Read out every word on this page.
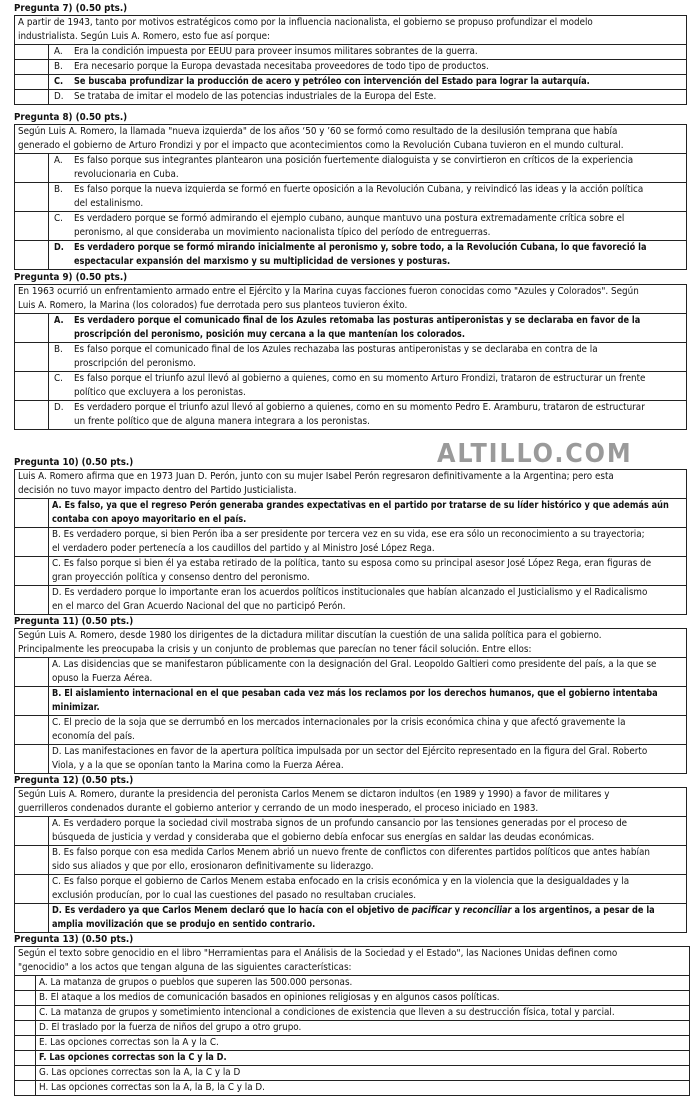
Pregunta 7) (0.50 pts.)
A partir de 1943, tanto por motivos estratégicos como por la influencia nacionalista, el gobierno se propuso profundizar el modelo
industrialista. Según Luis A. Romero, esto fue así porque:
A.	Era la condición impuesta por EEUU para proveer insumos militares sobrantes de la guerra.
B.	Era necesario porque la Europa devastada necesitaba proveedores de todo tipo de productos.
C.	Se buscaba profundizar la producción de acero y petróleo con intervención del Estado para lograr la autarquía.
D.	Se trataba de imitar el modelo de las potencias industriales de la Europa del Este.
Pregunta 8) (0.50 pts.)
Según Luis A. Romero, la llamada "nueva izquierda" de los años ‘50 y ’60 se formó como resultado de la desilusión temprana que había
generado el gobierno de Arturo Frondizi y por el impacto que acontecimientos como la Revolución Cubana tuvieron en el mundo cultural.
A.	Es falso porque sus integrantes plantearon una posición fuertemente dialoguista y se convirtieron en críticos de la experiencia
revolucionaria en Cuba.
B.	Es falso porque la nueva izquierda se formó en fuerte oposición a la Revolución Cubana, y reivindicó las ideas y la acción política
del estalinismo.
C.	Es verdadero porque se formó admirando el ejemplo cubano, aunque mantuvo una postura extremadamente crítica sobre el
peronismo, al que consideraba un movimiento nacionalista típico del período de entreguerras.
D.	Es verdadero porque se formó mirando inicialmente al peronismo y, sobre todo, a la Revolución Cubana, lo que favoreció la
espectacular expansión del marxismo y su multiplicidad de versiones y posturas.
Pregunta 9) (0.50 pts.)
En 1963 ocurrió un enfrentamiento armado entre el Ejército y la Marina cuyas facciones fueron conocidas como "Azules y Colorados". Según
Luis A. Romero, la Marina (los colorados) fue derrotada pero sus planteos tuvieron éxito.
A.	Es verdadero porque el comunicado final de los Azules retomaba las posturas antiperonistas y se declaraba en favor de la
proscripción del peronismo, posición muy cercana a la que mantenían los colorados.
B.	Es falso porque el comunicado final de los Azules rechazaba las posturas antiperonistas y se declaraba en contra de la
proscripción del peronismo.
C.	Es falso porque el triunfo azul llevó al gobierno a quienes, como en su momento Arturo Frondizi, trataron de estructurar un frente
político que excluyera a los peronistas.
D.	Es verdadero porque el triunfo azul llevó al gobierno a quienes, como en su momento Pedro E. Aramburu, trataron de estructurar
un frente político que de alguna manera integrara a los peronistas.
Pregunta 10) (0.50 pts.)
Luis A. Romero afirma que en 1973 Juan D. Perón, junto con su mujer Isabel Perón regresaron definitivamente a la Argentina; pero esta
decisión no tuvo mayor impacto dentro del Partido Justicialista.
A. Es falso, ya que el regreso Perón generaba grandes expectativas en el partido por tratarse de su líder histórico y que además aún
contaba con apoyo mayoritario en el país.
B. Es verdadero porque, si bien Perón iba a ser presidente por tercera vez en su vida, ese era sólo un reconocimiento a su trayectoria;
el verdadero poder pertenecía a los caudillos del partido y al Ministro José López Rega.
C. Es falso porque si bien él ya estaba retirado de la política, tanto su esposa como su principal asesor José López Rega, eran figuras de
gran proyección política y consenso dentro del peronismo.
D. Es verdadero porque lo importante eran los acuerdos políticos institucionales que habían alcanzado el Justicialismo y el Radicalismo
en el marco del Gran Acuerdo Nacional del que no participó Perón.
Pregunta 11) (0.50 pts.)
Según Luis A. Romero, desde 1980 los dirigentes de la dictadura militar discutían la cuestión de una salida política para el gobierno.
Principalmente les preocupaba la crisis y un conjunto de problemas que parecían no tener fácil solución. Entre ellos:
A. Las disidencias que se manifestaron públicamente con la designación del Gral. Leopoldo Galtieri como presidente del país, a la que se
opuso la Fuerza Aérea.
B. El aislamiento internacional en el que pesaban cada vez más los reclamos por los derechos humanos, que el gobierno intentaba
minimizar.
C. El precio de la soja que se derrumbó en los mercados internacionales por la crisis económica china y que afectó gravemente la
economía del país.
D. Las manifestaciones en favor de la apertura política impulsada por un sector del Ejército representado en la figura del Gral. Roberto
Viola, y a la que se oponían tanto la Marina como la Fuerza Aérea.
Pregunta 12) (0.50 pts.)
Según Luis A. Romero, durante la presidencia del peronista Carlos Menem se dictaron indultos (en 1989 y 1990) a favor de militares y
guerrilleros condenados durante el gobierno anterior y cerrando de un modo inesperado, el proceso iniciado en 1983.
A. Es verdadero porque la sociedad civil mostraba signos de un profundo cansancio por las tensiones generadas por el proceso de
búsqueda de justicia y verdad y consideraba que el gobierno debía enfocar sus energías en saldar las deudas económicas.
B. Es falso porque con esa medida Carlos Menem abrió un nuevo frente de conflictos con diferentes partidos políticos que antes habían
sido sus aliados y que por ello, erosionaron definitivamente su liderazgo.
C. Es falso porque el gobierno de Carlos Menem estaba enfocado en la crisis económica y en la violencia que la desigualdades y la
exclusión producían, por lo cual las cuestiones del pasado no resultaban cruciales.
D. Es verdadero ya que Carlos Menem declaró que lo hacía con el objetivo de pacificar y reconciliar a los argentinos, a pesar de la
amplia movilización que se produjo en sentido contrario.
Pregunta 13) (0.50 pts.)
Según el texto sobre genocidio en el libro "Herramientas para el Análisis de la Sociedad y el Estado", las Naciones Unidas definen como
"genocidio" a los actos que tengan alguna de las siguientes características:
A. La matanza de grupos o pueblos que superen las 500.000 personas.
B. El ataque a los medios de comunicación basados en opiniones religiosas y en algunos casos políticas.
C. La matanza de grupos y sometimiento intencional a condiciones de existencia que lleven a su destrucción física, total y parcial.
D. El traslado por la fuerza de niños del grupo a otro grupo.
E. Las opciones correctas son la A y la C.
F. Las opciones correctas son la C y la D.
G. Las opciones correctas son la A, la C y la D
H. Las opciones correctas son la A, la B, la C y la D.
ALTILLO.COM
